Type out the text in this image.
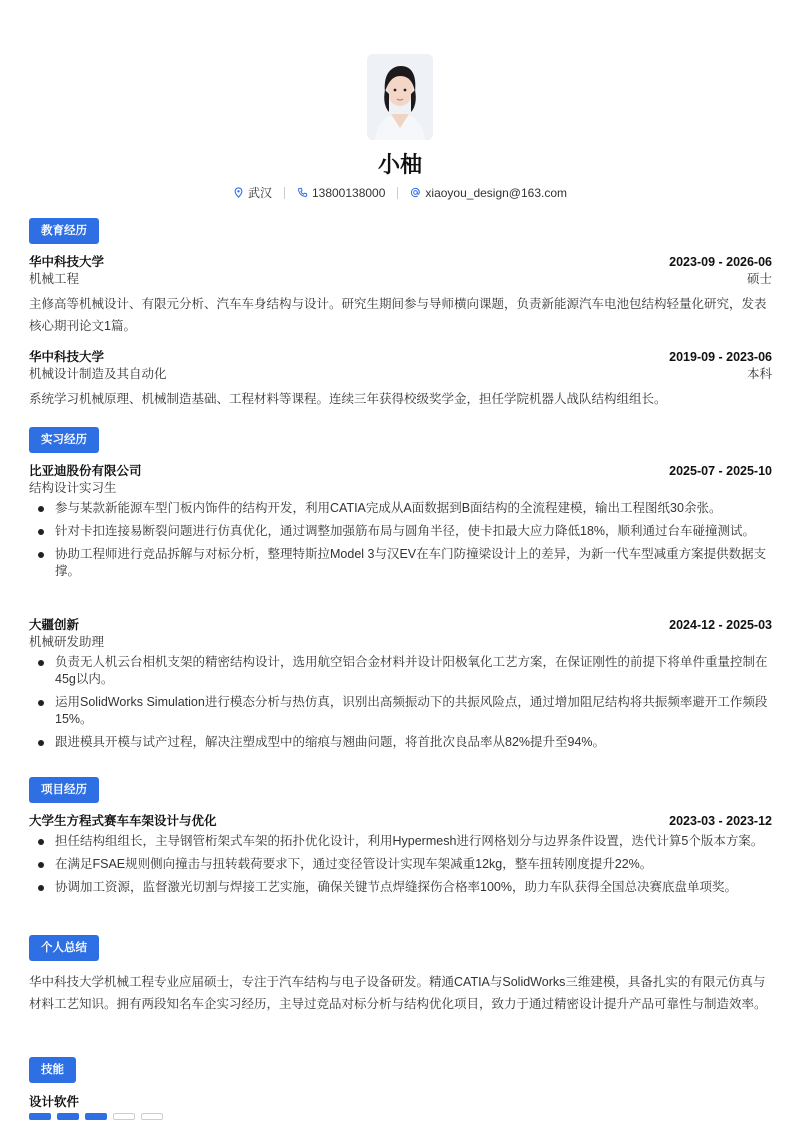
小柚
武汉	13800138000	xiaoyou_design@163.com
教育经历
华中科技大学	2023-09 - 2026-06
机械工程	硕士
主修高等机械设计、有限元分析、汽车车身结构与设计。研究生期间参与导师横向课题，负责新能源汽车电池包结构轻量化研究，发表核心期刊论文1篇。
华中科技大学	2019-09 - 2023-06
机械设计制造及其自动化	本科
系统学习机械原理、机械制造基础、工程材料等课程。连续三年获得校级奖学金，担任学院机器人战队结构组组长。
实习经历
比亚迪股份有限公司	2025-07 - 2025-10
结构设计实习生
参与某款新能源车型门板内饰件的结构开发，利用CATIA完成从A面数据到B面结构的全流程建模，输出工程图纸30余张。
针对卡扣连接易断裂问题进行仿真优化，通过调整加强筋布局与圆角半径，使卡扣最大应力降低18%，顺利通过台车碰撞测试。
协助工程师进行竞品拆解与对标分析，整理特斯拉Model 3与汉EV在车门防撞梁设计上的差异，为新一代车型减重方案提供数据支撑。
大疆创新	2024-12 - 2025-03
机械研发助理
负责无人机云台相机支架的精密结构设计，选用航空铝合金材料并设计阳极氧化工艺方案，在保证刚性的前提下将单件重量控制在45g以内。
运用SolidWorks Simulation进行模态分析与热仿真，识别出高频振动下的共振风险点，通过增加阻尼结构将共振频率避开工作频段15%。
跟进模具开模与试产过程，解决注塑成型中的缩痕与翘曲问题，将首批次良品率从82%提升至94%。
项目经历
大学生方程式赛车车架设计与优化	2023-03 - 2023-12
担任结构组组长，主导钢管桁架式车架的拓扑优化设计，利用Hypermesh进行网格划分与边界条件设置，迭代计算5个版本方案。
在满足FSAE规则侧向撞击与扭转载荷要求下，通过变径管设计实现车架减重12kg，整车扭转刚度提升22%。
协调加工资源，监督激光切割与焊接工艺实施，确保关键节点焊缝探伤合格率100%，助力车队获得全国总决赛底盘单项奖。
个人总结
华中科技大学机械工程专业应届硕士，专注于汽车结构与电子设备研发。精通CATIA与SolidWorks三维建模，具备扎实的有限元仿真与材料工艺知识。拥有两段知名车企实习经历，主导过竞品对标分析与结构优化项目，致力于通过精密设计提升产品可靠性与制造效率。
技能
设计软件
